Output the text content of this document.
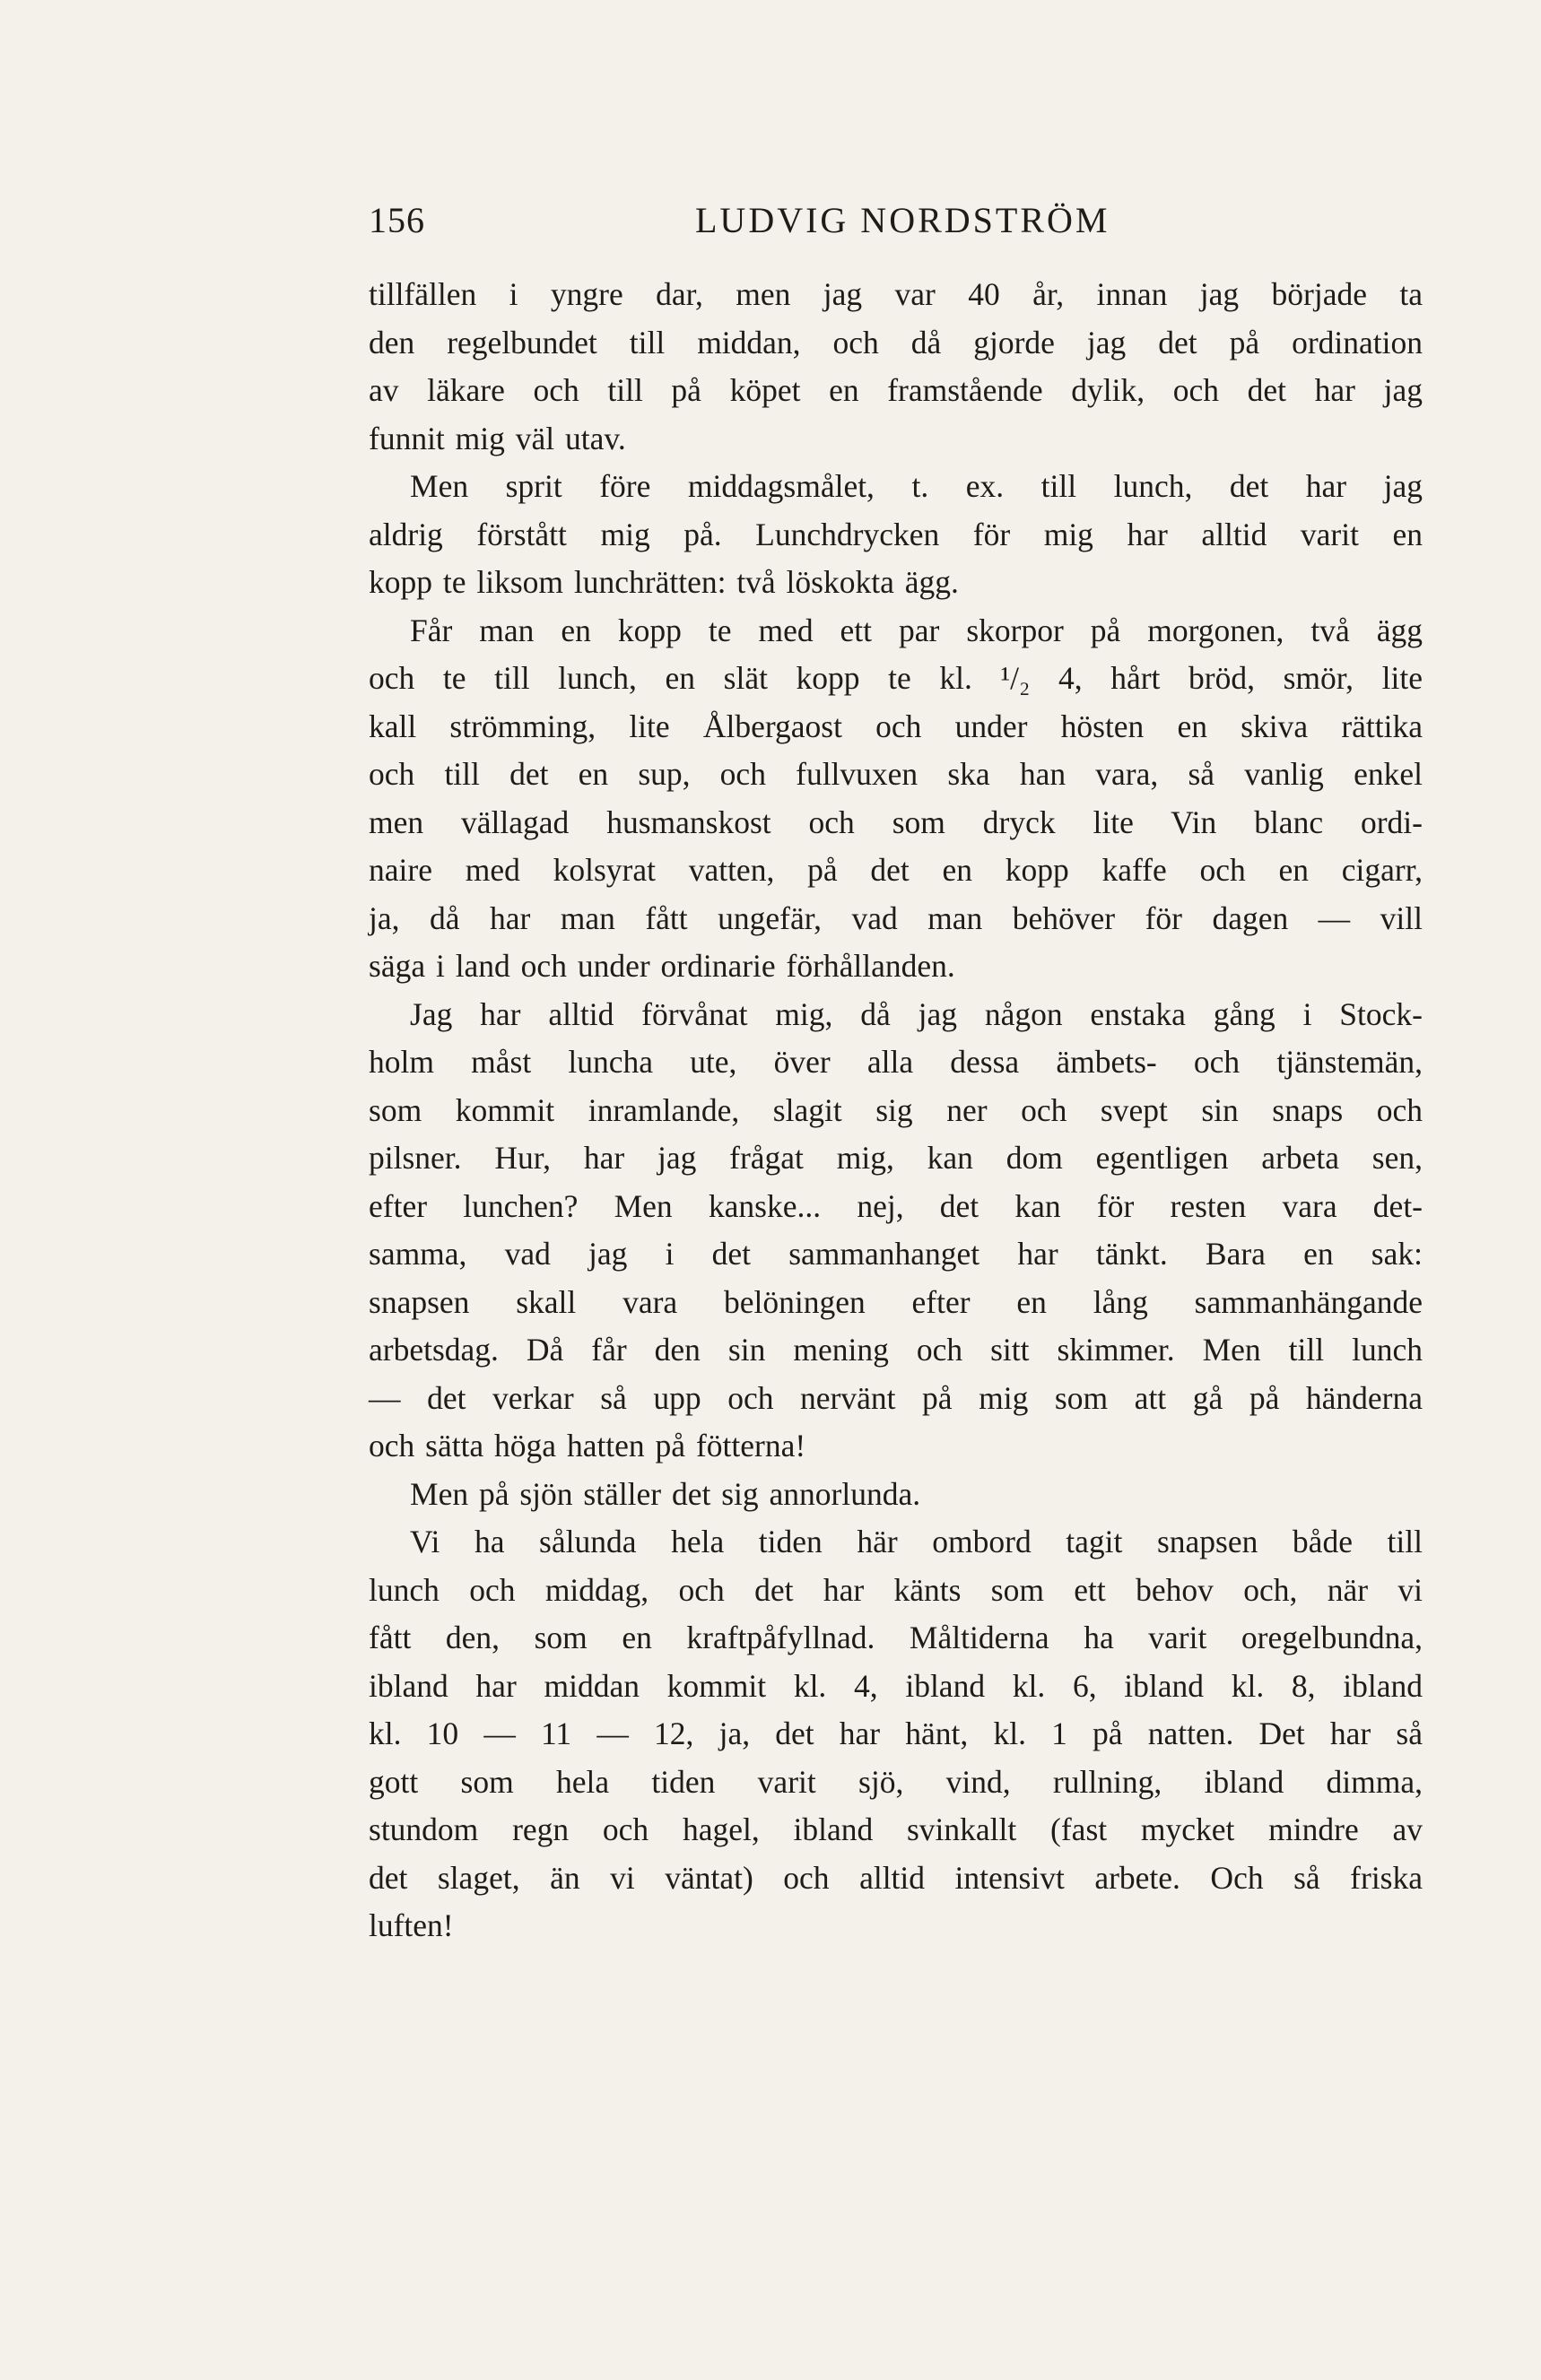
156	LUDVIG NORDSTRÖM
tillfällen i yngre dar, men jag var 40 år, innan jag började ta
den regelbundet till middan, och då gjorde jag det på ordination
av läkare och till på köpet en framstående dylik, och det har jag
funnit mig väl utav.
Men sprit före middagsmålet, t. ex. till lunch, det har jag
aldrig förstått mig på. Lunchdrycken för mig har alltid varit en
kopp te liksom lunchrätten: två löskokta ägg.
Får man en kopp te med ett par skorpor på morgonen, två ägg
och te till lunch, en slät kopp te kl. ¹/₂ 4, hårt bröd, smör, lite
kall strömming, lite Ålbergaost och under hösten en skiva rättika
och till det en sup, och fullvuxen ska han vara, så vanlig enkel
men vällagad husmanskost och som dryck lite Vin blanc ordi-
naire med kolsyrat vatten, på det en kopp kaffe och en cigarr,
ja, då har man fått ungefär, vad man behöver för dagen — vill
säga i land och under ordinarie förhållanden.
Jag har alltid förvånat mig, då jag någon enstaka gång i Stock-
holm måst luncha ute, över alla dessa ämbets- och tjänstemän,
som kommit inramlande, slagit sig ner och svept sin snaps och
pilsner. Hur, har jag frågat mig, kan dom egentligen arbeta sen,
efter lunchen? Men kanske... nej, det kan för resten vara det-
samma, vad jag i det sammanhanget har tänkt. Bara en sak:
snapsen skall vara belöningen efter en lång sammanhängande
arbetsdag. Då får den sin mening och sitt skimmer. Men till lunch
— det verkar så upp och nervänt på mig som att gå på händerna
och sätta höga hatten på fötterna!
Men på sjön ställer det sig annorlunda.
Vi ha sålunda hela tiden här ombord tagit snapsen både till
lunch och middag, och det har känts som ett behov och, när vi
fått den, som en kraftpåfyllnad. Måltiderna ha varit oregelbundna,
ibland har middan kommit kl. 4, ibland kl. 6, ibland kl. 8, ibland
kl. 10 — 11 — 12, ja, det har hänt, kl. 1 på natten. Det har så
gott som hela tiden varit sjö, vind, rullning, ibland dimma,
stundom regn och hagel, ibland svinkallt (fast mycket mindre av
det slaget, än vi väntat) och alltid intensivt arbete. Och så friska
luften!
